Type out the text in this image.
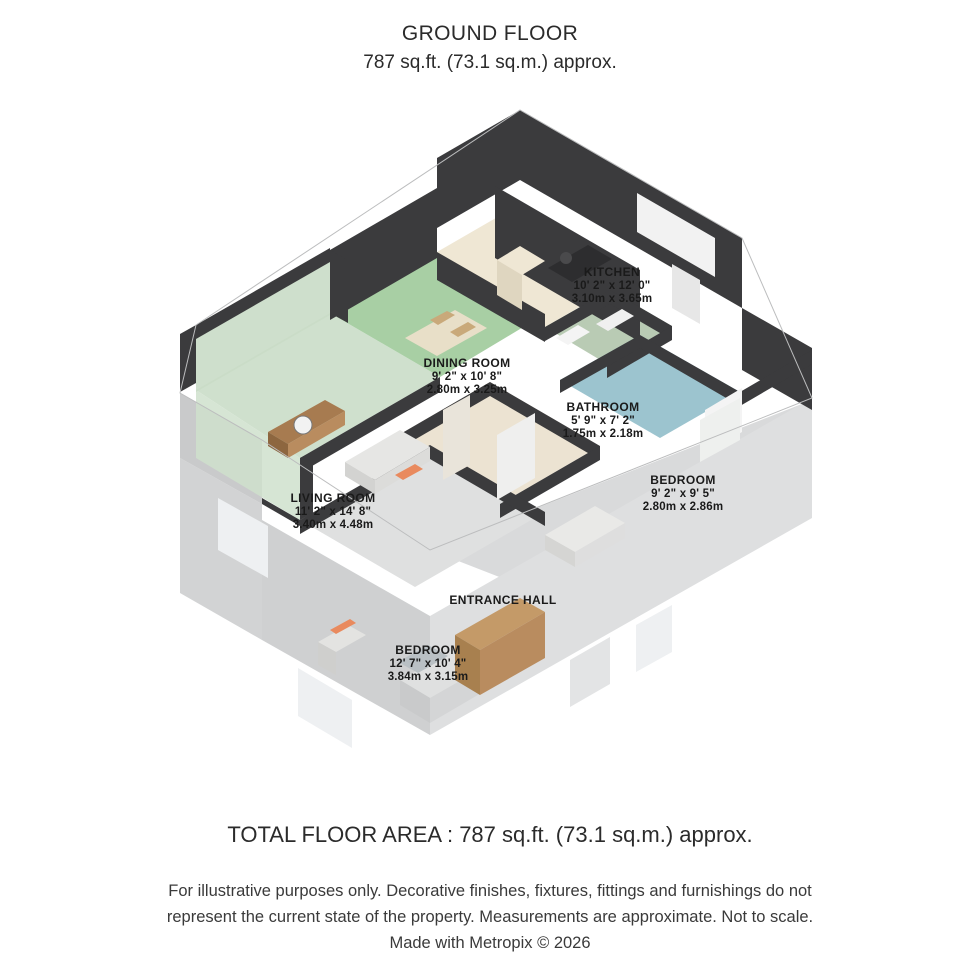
GROUND FLOOR
787 sq.ft. (73.1 sq.m.) approx.
KITCHEN
10' 2" x 12' 0"
3.10m x 3.65m
DINING ROOM
9' 2" x 10' 8"
2.80m x 3.25m
BATHROOM
5' 9" x 7' 2"
1.75m x 2.18m
BEDROOM
9' 2" x 9' 5"
2.80m x 2.86m
LIVING ROOM
11' 2" x 14' 8"
3.40m x 4.48m
ENTRANCE HALL
BEDROOM
12' 7" x 10' 4"
3.84m x 3.15m
TOTAL FLOOR AREA : 787 sq.ft. (73.1 sq.m.) approx.
For illustrative purposes only. Decorative finishes, fixtures, fittings and furnishings do not
represent the current state of the property. Measurements are approximate. Not to scale.
Made with Metropix © 2026
